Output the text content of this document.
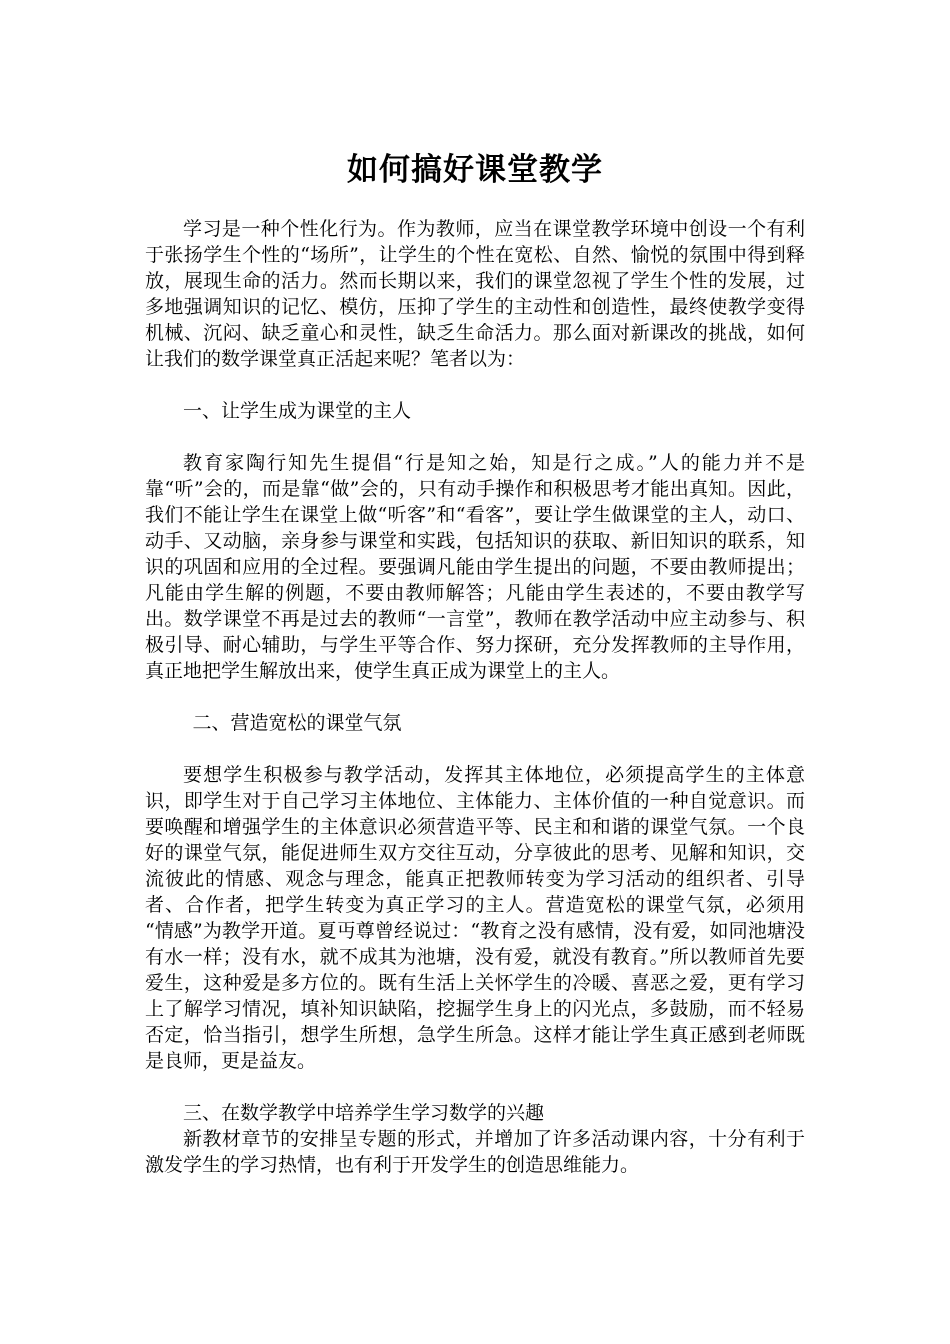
如何搞好课堂教学

学习是一种个性化行为。作为教师，应当在课堂教学环境中创设一个有利于张扬学生个性的“场所”，让学生的个性在宽松、自然、愉悦的氛围中得到释放，展现生命的活力。然而长期以来，我们的课堂忽视了学生个性的发展，过多地强调知识的记忆、模仿，压抑了学生的主动性和创造性，最终使教学变得机械、沉闷、缺乏童心和灵性，缺乏生命活力。那么面对新课改的挑战，如何让我们的数学课堂真正活起来呢？笔者以为：

一、让学生成为课堂的主人

教育家陶行知先生提倡“行是知之始，知是行之成。”人的能力并不是靠“听”会的，而是靠“做”会的，只有动手操作和积极思考才能出真知。因此，我们不能让学生在课堂上做“听客”和“看客”，要让学生做课堂的主人，动口、动手、又动脑，亲身参与课堂和实践，包括知识的获取、新旧知识的联系，知识的巩固和应用的全过程。要强调凡能由学生提出的问题，不要由教师提出；凡能由学生解的例题，不要由教师解答；凡能由学生表述的，不要由教学写出。数学课堂不再是过去的教师“一言堂”，教师在教学活动中应主动参与、积极引导、耐心辅助，与学生平等合作、努力探研，充分发挥教师的主导作用，真正地把学生解放出来，使学生真正成为课堂上的主人。

二、营造宽松的课堂气氛

要想学生积极参与教学活动，发挥其主体地位，必须提高学生的主体意识，即学生对于自己学习主体地位、主体能力、主体价值的一种自觉意识。而要唤醒和增强学生的主体意识必须营造平等、民主和和谐的课堂气氛。一个良好的课堂气氛，能促进师生双方交往互动，分享彼此的思考、见解和知识，交流彼此的情感、观念与理念，能真正把教师转变为学习活动的组织者、引导者、合作者，把学生转变为真正学习的主人。营造宽松的课堂气氛，必须用 “情感”为教学开道。夏丏尊曾经说过：“教育之没有感情，没有爱，如同池塘没有水一样；没有水，就不成其为池塘，没有爱，就没有教育。”所以教师首先要爱生，这种爱是多方位的。既有生活上关怀学生的冷暖、喜恶之爱，更有学习上了解学习情况，填补知识缺陷，挖掘学生身上的闪光点，多鼓励，而不轻易否定，恰当指引，想学生所想，急学生所急。这样才能让学生真正感到老师既是良师，更是益友。

三、在数学教学中培养学生学习数学的兴趣

新教材章节的安排呈专题的形式，并增加了许多活动课内容，十分有利于激发学生的学习热情，也有利于开发学生的创造思维能力。
